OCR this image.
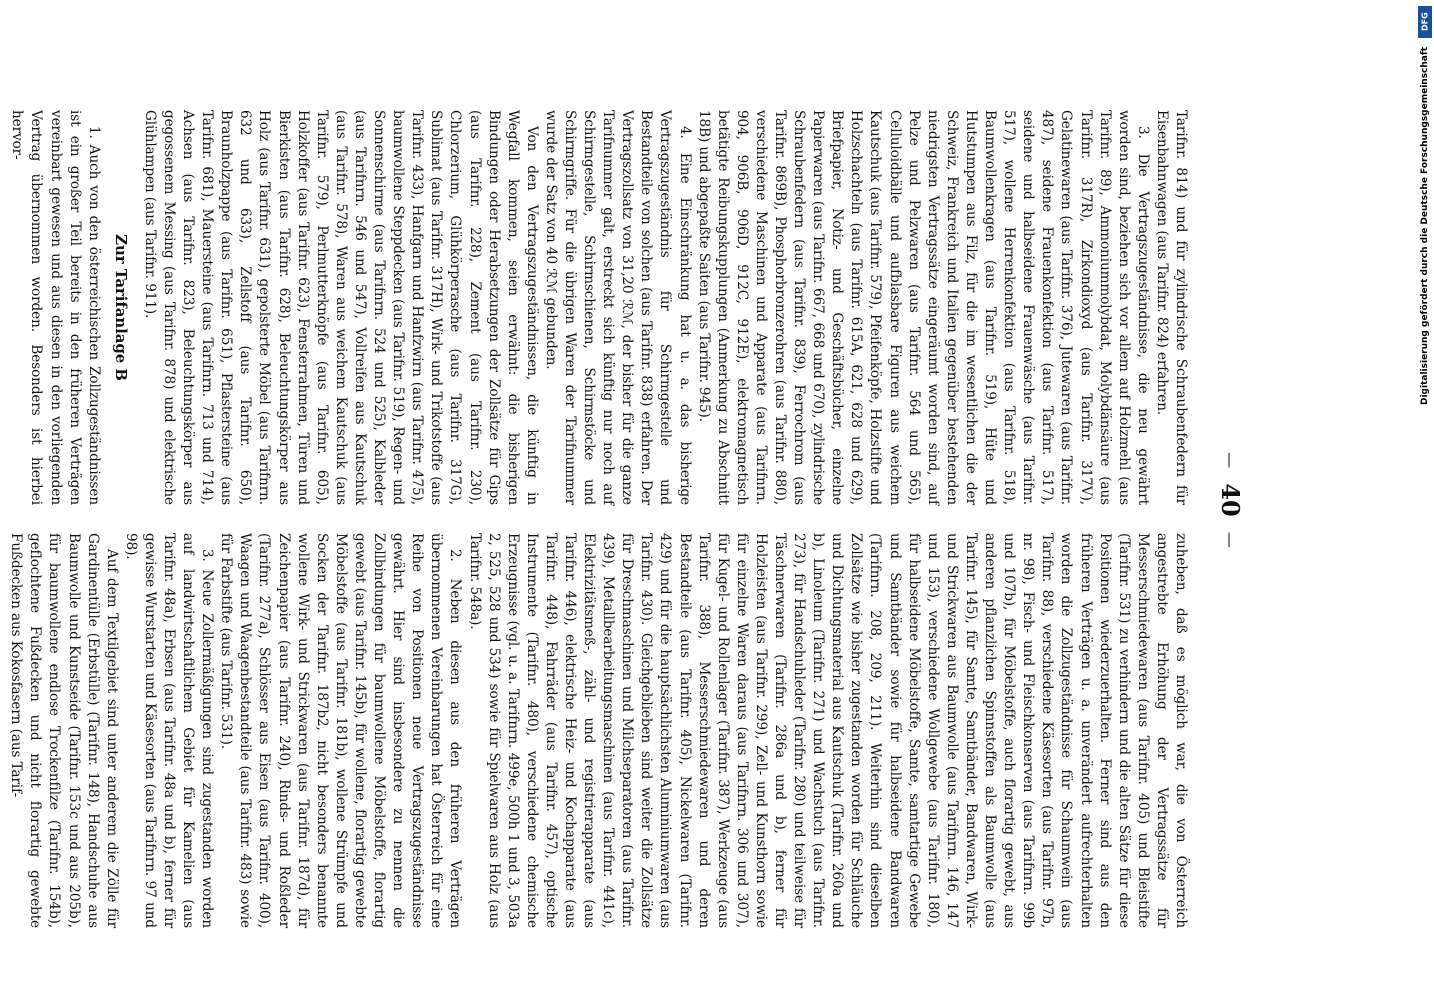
— 40 —

Tarifnr. 814) und für zylindrische Schraubenfedern für Eisenbahnwagen (aus Tarifnr. 824) erfahren.

3. Die Vertragszugeständnisse, die neu gewährt worden sind, beziehen sich vor allem auf Holzmehl (aus Tarifnr. 89), Ammoniummolybdat, Molybdänsäure (aus Tarifnr. 317R), Zirkondioxyd (aus Tarifnr. 317V), Gelatinewaren (aus Tarifnr. 376), Jutewaren (aus Tarifnr. 487), seidene Frauenkonfektion (aus Tarifnr. 517), seidene und halbseidene Frauenwäsche (aus Tarifnr. 517), wollene Herrenkonfektion (aus Tarifnr. 518), Baumwollenkragen (aus Tarifnr. 519), Hüte und Hutstumpen aus Filz, für die im wesentlichen die der Schweiz, Frankreich und Italien gegenüber bestehenden niedrigsten Vertragssätze eingeräumt worden sind, auf Pelze und Pelzwaren (aus Tarifnr. 564 und 565), Celluloidbälle und aufblasbare Figuren aus weichem Kautschuk (aus Tarifnr. 579), Pfeifenköpfe, Holzstifte und Holzschachteln (aus Tarifnr. 615A, 621, 628 und 629), Briefpapier, Notiz- und Geschäftsbücher, einzelne Papierwaren (aus Tarifnr. 667, 668 und 670), zylindrische Schraubenfedern (aus Tarifnr. 839), Ferrochrom (aus Tarifnr. 869B), Phosphorbronzerohren (aus Tarifnr. 880), verschiedene Maschinen und Apparate (aus Tarifnrn. 904, 906B, 906D, 912C, 912E), elektromagnetisch betätigte Reibungskupplungen (Anmerkung zu Abschnitt 18B) und abgepaßte Saiten (aus Tarifnr. 945).

4. Eine Einschränkung hat u. a. das bisherige Vertragszugeständnis für Schirmgestelle und Bestandteile von solchen (aus Tarifnr. 838) erfahren. Der Vertragszollsatz von 31,20 ℛℳ, der bisher für die ganze Tarifnummer galt, erstreckt sich künftig nur noch auf Schirmgestelle, Schirmschienen, Schirmstöcke und Schirmgriffe. Für die übrigen Waren der Tarifnummer wurde der Satz von 40 ℛℳ gebunden.

Von den Vertragszugeständnissen, die künftig in Wegfall kommen, seien erwähnt: die bisherigen Bindungen oder Herabsetzungen der Zollsätze für Gips (aus Tarifnr. 228), Zement (aus Tarifnr. 230), Chlorzerium, Glühkörperasche (aus Tarifnr. 317G), Sublimat (aus Tarifnr. 317H), Wirk- und Trikotstoffe (aus Tarifnr. 433), Hanfgarn und Hanfzwirn (aus Tarifnr. 475), baumwollene Steppdecken (aus Tarifnr. 519), Regen- und Sonnenschirme (aus Tarifnrn. 524 und 525), Kalbleder (aus Tarifnrn. 546 und 547), Vollreifen aus Kautschuk (aus Tarifnr. 578), Waren aus weichem Kautschuk (aus Tarifnr. 579), Perlmutterknöpfe (aus Tarifnr. 605), Holzkoffer (aus Tarifnr. 623), Fensterrahmen, Türen und Bierkisten (aus Tarifnr. 628), Beleuchtungskörper aus Holz (aus Tarifnr. 631), gepolsterte Möbel (aus Tarifnrn. 632 und 633), Zellstoff (aus Tarifnr. 650), Braunholzpappe (aus Tarifnr. 651), Pflastersteine (aus Tarifnr. 681), Mauersteine (aus Tarifnrn. 713 und 714), Achsen (aus Tarifnr. 823), Beleuchtungskörper aus gegossenem Messing (aus Tarifnr. 878) und elektrische Glühlampen (aus Tarifnr. 911).

Zur Tarifanlage B

1. Auch von den österreichischen Zollzugeständnissen ist ein großer Teil bereits in den früheren Verträgen vereinbart gewesen und aus diesen in den vorliegenden Vertrag übernommen worden. Besonders ist hierbei hervor-

zuheben, daß es möglich war, die von Österreich angestrebte Erhöhung der Vertragssätze für Messerschmiedewaren (aus Tarifnr. 405) und Bleistifte (Tarifnr. 531) zu verhindern und die alten Sätze für diese Positionen wiederzuerhalten. Ferner sind aus den früheren Verträgen u. a. unverändert aufrechterhalten worden die Zollzugeständnisse für Schaumwein (aus Tarifnr. 88), verschiedene Käsesorten (aus Tarifnr. 97b, nr. 98), Fisch- und Fleischkonserven (aus Tarifnrn. 99b und 107b), für Möbelstoffe, auch florartig gewebt, aus anderen pflanzlichen Spinnstoffen als Baumwolle (aus Tarifnr. 145), für Samte, Samtbänder, Bandwaren, Wirk- und Strickwaren aus Baumwolle (aus Tarifnrn. 146, 147 und 153), verschiedene Wollgewebe (aus Tarifnr. 180), für halbseidene Möbelstoffe, Samte, samtartige Gewebe und Samtbänder sowie für halbseidene Bandwaren (Tarifnrn. 208, 209, 211). Weiterhin sind dieselben Zollsätze wie bisher zugestanden worden für Schläuche und Dichtungsmaterial aus Kautschuk (Tarifnr. 260a und b), Linoleum (Tarifnr. 271) und Wachstuch (aus Tarifnr. 273), für Handschuhleder (Tarifnr. 280) und teilweise für Täschnerwaren (Tarifnr. 286a und b), ferner für Holzleisten (aus Tarifnr. 299), Zell- und Kunsthorn sowie für einzelne Waren daraus (aus Tarifnrn. 306 und 307), für Kugel- und Rollenlager (Tarifnr. 387), Werkzeuge (aus Tarifnr. 388), Messerschmiedewaren und deren Bestandteile (aus Tarifnr. 405), Nickelwaren (Tarifnr. 429) und für die hauptsächlichsten Aluminiumwaren (aus Tarifnr. 430). Gleichgeblieben sind weiter die Zollsätze für Dreschmaschinen und Milchseparatoren (aus Tarifnr. 439), Metallbearbeitungsmaschinen (aus Tarifnr. 441c), Elektrizitätsmeß-, zähl- und registrierapparate (aus Tarifnr. 446), elektrische Heiz- und Kochapparate (aus Tarifnr. 448), Fahrräder (aus Tarifnr. 457), optische Instrumente (Tarifnr. 480), verschiedene chemische Erzeugnisse (vgl. u. a. Tarifnrn. 499e, 500h 1 und 3, 503a 2, 525, 528 und 534) sowie für Spielwaren aus Holz (aus Tarifnr. 548a).

2. Neben diesen aus den früheren Verträgen übernommenen Vereinbarungen hat Österreich für eine Reihe von Positionen neue Vertragszugeständnisse gewährt. Hier sind insbesondere zu nennen die Zollbindungen für baumwollene Möbelstoffe, florartig gewebt (aus Tarifnr. 145b), für wollene, florartig gewebte Möbelstoffe (aus Tarifnr. 181b), wollene Strümpfe und Socken der Tarifnr. 187b2, nicht besonders benannte wollene Wirk- und Strickwaren (aus Tarifnr. 187d), für Zeichenpapier (aus Tarifnr. 240), Rinds- und Roßleder (Tarifnr. 277a), Schlösser aus Eisen (aus Tarifnr. 400), Waagen und Waagenbestandteile (aus Tarifnr. 483) sowie für Farbstifte (aus Tarifnr. 531).

3. Neue Zollermäßigungen sind zugestanden worden auf landwirtschaftlichem Gebiet für Kamelien (aus Tarifnr. 48a), Erbsen (aus Tarifnr. 48a und b), ferner für gewisse Wurstarten und Käsesorten (aus Tarifnrn. 97 und 98).

Auf dem Textilgebiet sind unter anderem die Zölle für Gardinentülle (Erbstülle) (Tarifnr. 148), Handschuhe aus Baumwolle und Kunstseide (Tarifnr. 153c und aus 205b), für baumwollene endlose Trockenfilze (Tarifnr. 154b), geflochtene Fußdecken und nicht florartig gewebte Fußdecken aus Kokosfasern (aus Tarif-

Digitalisierung gefördert durch die Deutsche Forschungsgemeinschaft
DFG
